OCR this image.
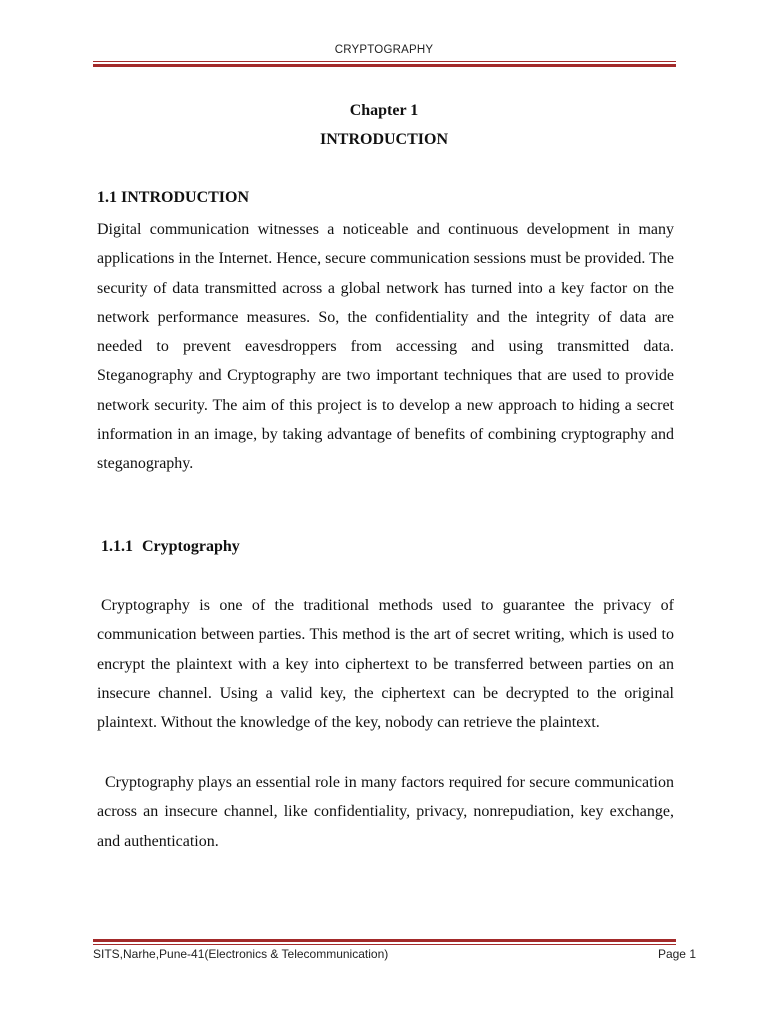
CRYPTOGRAPHY
Chapter 1
INTRODUCTION
1.1 INTRODUCTION

Digital communication witnesses a noticeable and continuous development in many applications in the Internet. Hence, secure communication sessions must be provided. The security of data transmitted across a global network has turned into a key factor on the network performance measures. So, the confidentiality and the integrity of data are needed to prevent eavesdroppers from accessing and using transmitted data. Steganography and Cryptography are two important techniques that are used to provide network security. The aim of this project is to develop a new approach to hiding a secret information in an image, by taking advantage of benefits of combining cryptography and steganography.

1.1.1 Cryptography

Cryptography is one of the traditional methods used to guarantee the privacy of communication between parties. This method is the art of secret writing, which is used to encrypt the plaintext with a key into ciphertext to be transferred between parties on an insecure channel. Using a valid key, the ciphertext can be decrypted to the original plaintext. Without the knowledge of the key, nobody can retrieve the plaintext.

Cryptography plays an essential role in many factors required for secure communication across an insecure channel, like confidentiality, privacy, nonrepudiation, key exchange, and authentication.

SITS,Narhe,Pune-41(Electronics & Telecommunication)	Page 1
